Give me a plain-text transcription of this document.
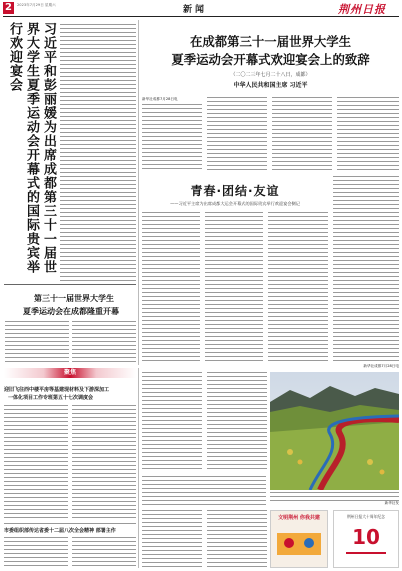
2	2023年7月29日 星期六	新闻	荆州日报
习近平和彭丽媛为出席成都第三十一届世界大学生夏季运动会开幕式的国际贵宾举行欢迎宴会
第三十一届世界大学生
夏季运动会在成都隆重开幕
在成都第三十一届世界大学生
夏季运动会开幕式欢迎宴会上的致辞
（二〇二三年七月二十八日，成都）
中华人民共和国主席 习近平
新华社成都7月28日电
青春·团结·友谊
——习近平主席为出席成都大运会开幕式的国际贵宾举行欢迎宴会侧记
新华社成都7月28日电
聚焦
迎旧飞往西中楼平房等基建现材料及下游深加工
一体化项目工作专班第五十七次调度会
市委组织部传达省委十二届八次全会精神 部署主作
新华社发
文明荆州 你我共建	荆州日报大十周年纪念
10
